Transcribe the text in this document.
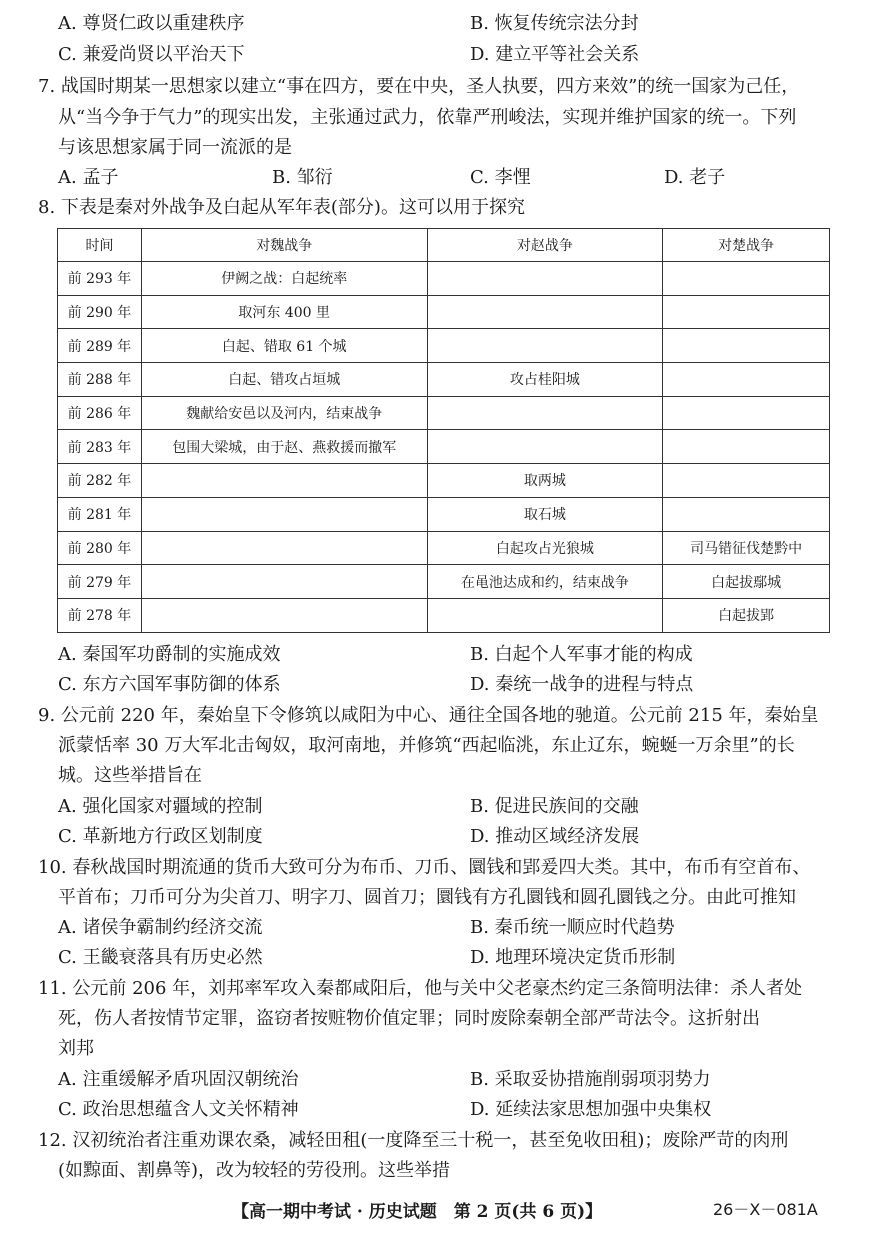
A. 尊贤仁政以重建秩序	B. 恢复传统宗法分封
C. 兼爱尚贤以平治天下	D. 建立平等社会关系
7. 战国时期某一思想家以建立“事在四方，要在中央，圣人执要，四方来效”的统一国家为己任，
从“当今争于气力”的现实出发，主张通过武力，依靠严刑峻法，实现并维护国家的统一。下列
与该思想家属于同一流派的是
A. 孟子	B. 邹衍	C. 李悝	D. 老子
8. 下表是秦对外战争及白起从军年表(部分)。这可以用于探究
时间	对魏战争	对赵战争	对楚战争
前 293 年	伊阙之战：白起统率		
前 290 年	取河东 400 里		
前 289 年	白起、错取 61 个城		
前 288 年	白起、错攻占垣城	攻占桂阳城	
前 286 年	魏献给安邑以及河内，结束战争		
前 283 年	包围大梁城，由于赵、燕救援而撤军		
前 282 年		取两城	
前 281 年		取石城	
前 280 年		白起攻占光狼城	司马错征伐楚黔中
前 279 年		在黾池达成和约，结束战争	白起拔鄢城
前 278 年			白起拔郢
A. 秦国军功爵制的实施成效	B. 白起个人军事才能的构成
C. 东方六国军事防御的体系	D. 秦统一战争的进程与特点
9. 公元前 220 年，秦始皇下令修筑以咸阳为中心、通往全国各地的驰道。公元前 215 年，秦始皇
派蒙恬率 30 万大军北击匈奴，取河南地，并修筑“西起临洮，东止辽东，蜿蜒一万余里”的长
城。这些举措旨在
A. 强化国家对疆域的控制	B. 促进民族间的交融
C. 革新地方行政区划制度	D. 推动区域经济发展
10. 春秋战国时期流通的货币大致可分为布币、刀币、圜钱和郢爰四大类。其中，布币有空首布、
平首布；刀币可分为尖首刀、明字刀、圆首刀；圜钱有方孔圜钱和圆孔圜钱之分。由此可推知
A. 诸侯争霸制约经济交流	B. 秦币统一顺应时代趋势
C. 王畿衰落具有历史必然	D. 地理环境决定货币形制
11. 公元前 206 年，刘邦率军攻入秦都咸阳后，他与关中父老豪杰约定三条简明法律：杀人者处
死，伤人者按情节定罪，盗窃者按赃物价值定罪；同时废除秦朝全部严苛法令。这折射出
刘邦
A. 注重缓解矛盾巩固汉朝统治	B. 采取妥协措施削弱项羽势力
C. 政治思想蕴含人文关怀精神	D. 延续法家思想加强中央集权
12. 汉初统治者注重劝课农桑，减轻田租(一度降至三十税一，甚至免收田租)；废除严苛的肉刑
(如黥面、割鼻等)，改为较轻的劳役刑。这些举措
【高一期中考试 · 历史试题　第 2 页(共 6 页)】	26－X－081A
